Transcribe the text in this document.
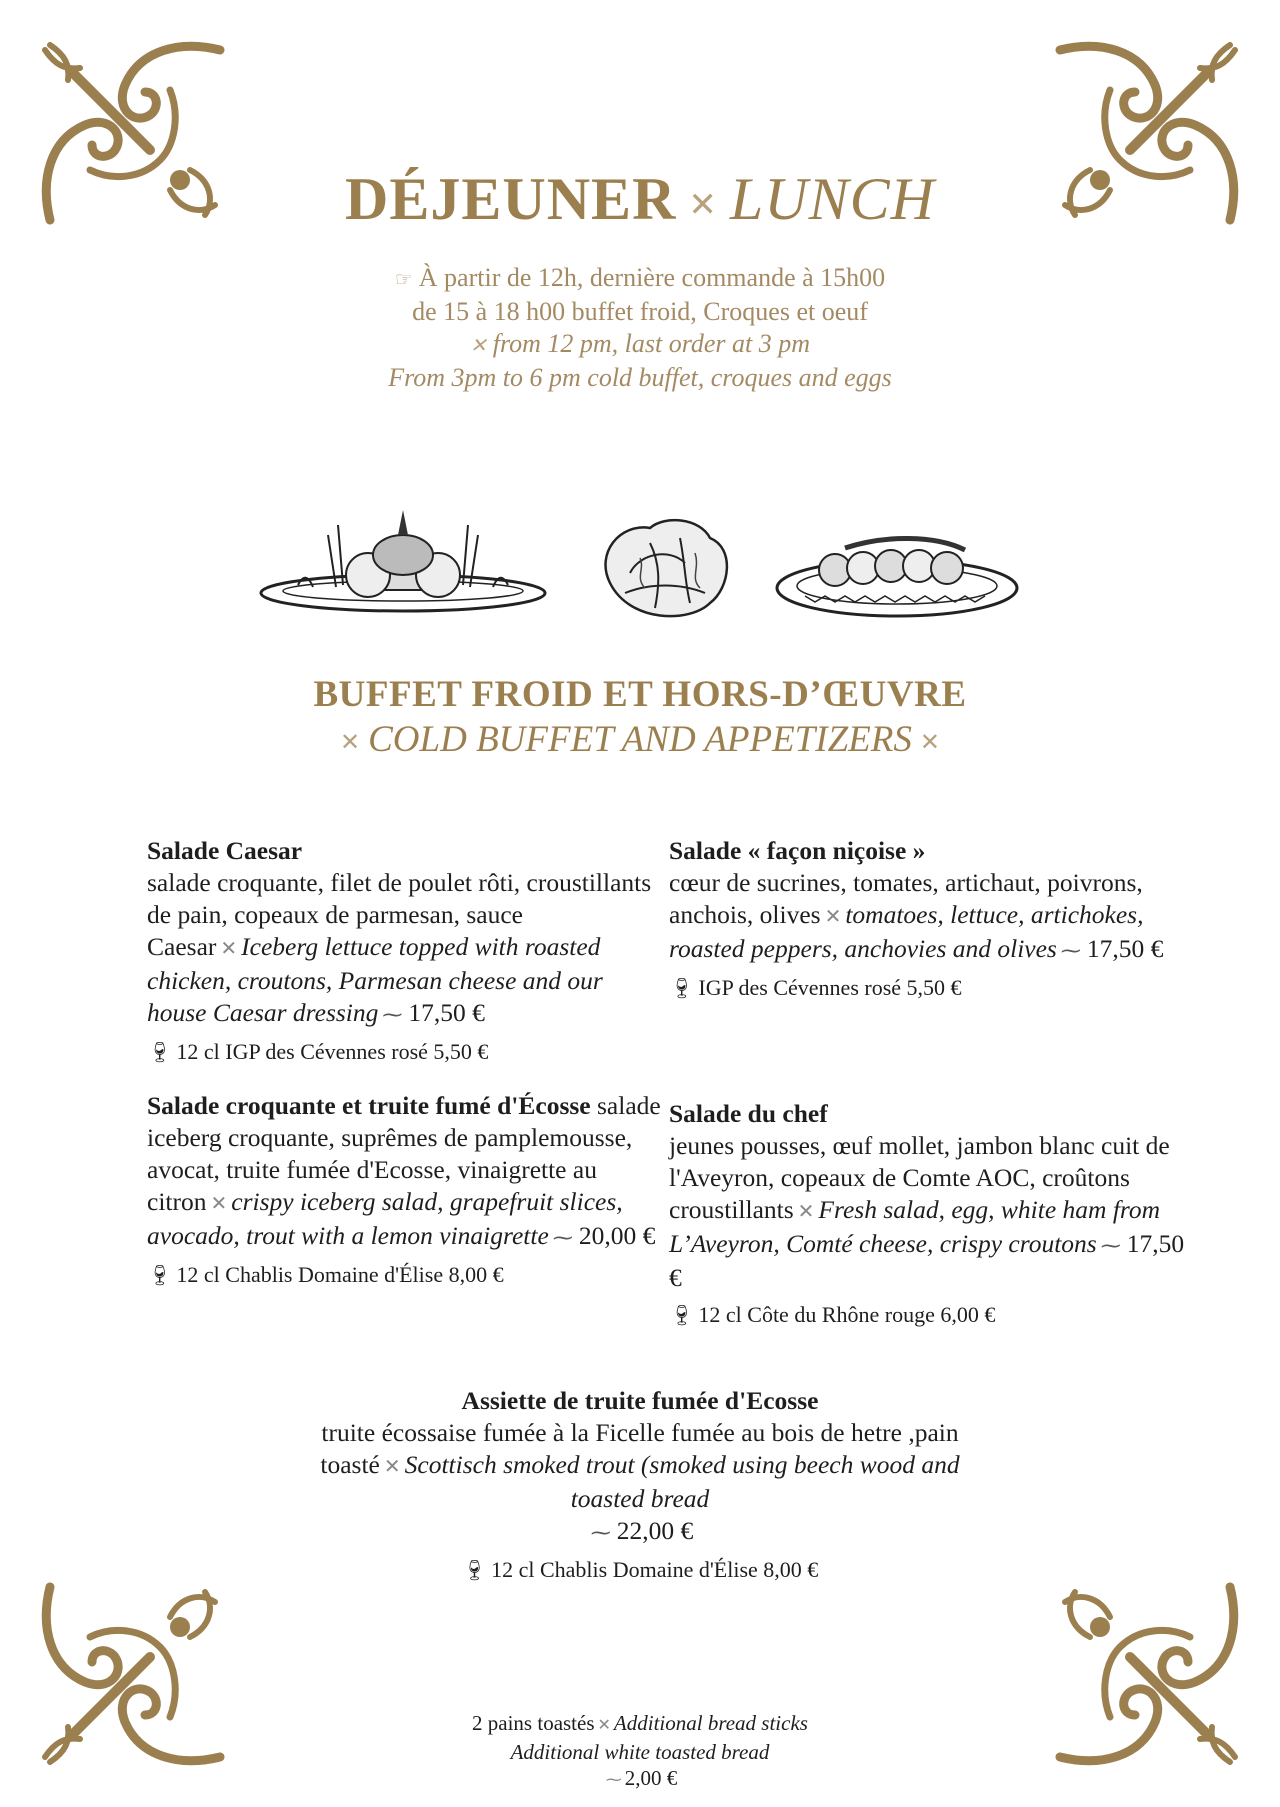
DÉJEUNER ✕ LUNCH
☞ À partir de 12h, dernière commande à 15h00
de 15 à 18 h00 buffet froid, Croques et oeuf
✕ from 12 pm, last order at 3 pm
From 3pm to 6 pm cold buffet, croques and eggs
BUFFET FROID ET HORS-D’ŒUVRE
✕ COLD BUFFET AND APPETIZERS ✕
Salade Caesar
salade croquante, filet de poulet rôti, croustillants de pain, copeaux de parmesan, sauce Caesar ✕ Iceberg lettuce topped with roasted chicken, croutons, Parmesan cheese and our house Caesar dressing ⁓ 17,50 €
🍷︎ 12 cl IGP des Cévennes rosé 5,50 €
Salade « façon niçoise »
cœur de sucrines, tomates, artichaut, poivrons, anchois, olives ✕ tomatoes, lettuce, artichokes, roasted peppers, anchovies and olives ⁓ 17,50 €
🍷︎ IGP des Cévennes rosé 5,50 €
Salade croquante et truite fumé d'Écosse salade iceberg croquante, suprêmes de pamplemousse, avocat, truite fumée d'Ecosse, vinaigrette au citron ✕ crispy iceberg salad, grapefruit slices, avocado, trout with a lemon vinaigrette ⁓ 20,00 €
🍷︎ 12 cl Chablis Domaine d'Élise 8,00 €
Salade du chef
jeunes pousses, œuf mollet, jambon blanc cuit de l'Aveyron, copeaux de Comte AOC, croûtons croustillants ✕ Fresh salad, egg, white ham from L’Aveyron, Comté cheese, crispy croutons ⁓ 17,50 €
🍷︎ 12 cl Côte du Rhône rouge 6,00 €
Assiette de truite fumée d'Ecosse
truite écossaise fumée à la Ficelle fumée au bois de hetre ,pain toasté ✕ Scottisch smoked trout (smoked using beech wood and toasted bread
⁓ 22,00 €
🍷︎ 12 cl Chablis Domaine d'Élise 8,00 €
2 pains toastés ✕ Additional bread sticks
Additional white toasted bread
⁓ 2,00 €
